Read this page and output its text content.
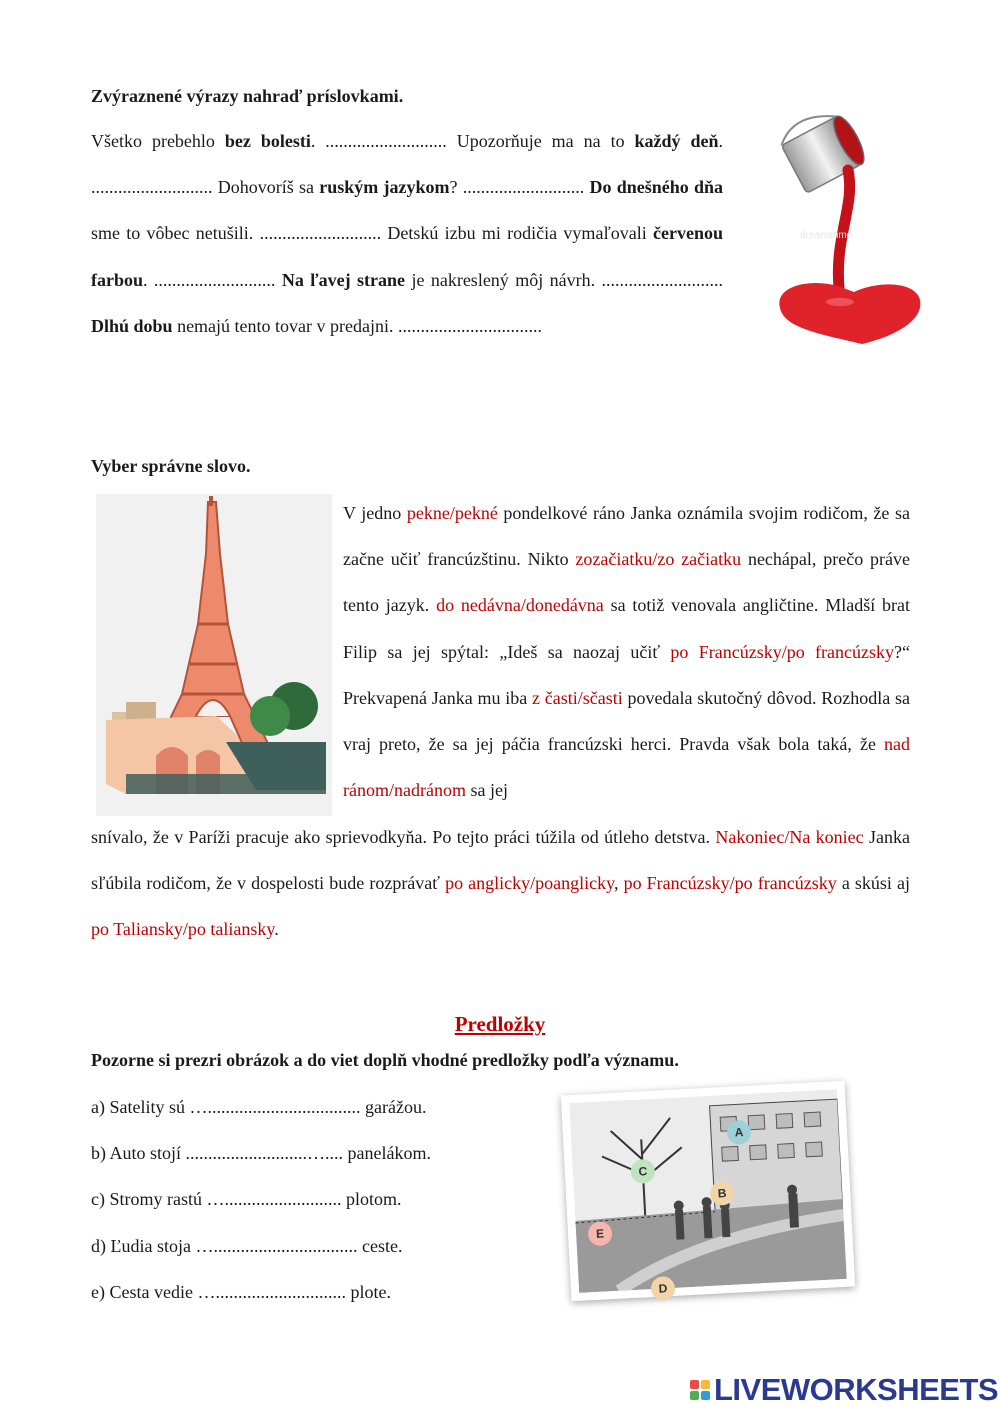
Zvýraznené výrazy nahraď príslovkami.
Všetko prebehlo bez bolesti. ........................... Upozorňuje ma na to každý deň. ........................... Dohovoríš sa ruským jazykom? ........................... Do dnešného dňa sme to vôbec netušili. ........................... Detskú izbu mi rodičia vymaľovali červenou farbou. ........................... Na ľavej strane je nakreslený môj návrh. ........................... Dlhú dobu nemajú tento tovar v predajni. ................................
dreamstime.
Vyber správne slovo.
V jedno pekne/pekné pondelkové ráno Janka oznámila svojim rodičom, že sa začne učiť francúzštinu. Nikto zozačiatku/zo začiatku nechápal, prečo práve tento jazyk. do nedávna/donedávna sa totiž venovala angličtine. Mladší brat Filip sa jej spýtal: „Ideš sa naozaj učiť po Francúzsky/po francúzsky?“ Prekvapená Janka mu iba z časti/sčasti povedala skutočný dôvod. Rozhodla sa vraj preto, že sa jej páčia francúzski herci. Pravda však bola taká, že nad ránom/nadránom sa jej
snívalo, že v Paríži pracuje ako sprievodkyňa. Po tejto práci túžila od útleho detstva. Nakoniec/Na koniec Janka sľúbila rodičom, že v dospelosti bude rozprávať po anglicky/poanglicky, po Francúzsky/po francúzsky a skúsi aj po Taliansky/po taliansky.
Predložky
Pozorne si prezri obrázok a do viet doplň vhodné predložky podľa významu.
a) Satelity sú ….................................. garážou.
b) Auto stojí ...........................….... panelákom.
c) Stromy rastú ….......................... plotom.
d) Ľudia stoja …................................ ceste.
e) Cesta vedie …............................. plote.
A
B
C
D
E
LIVEWORKSHEETS
